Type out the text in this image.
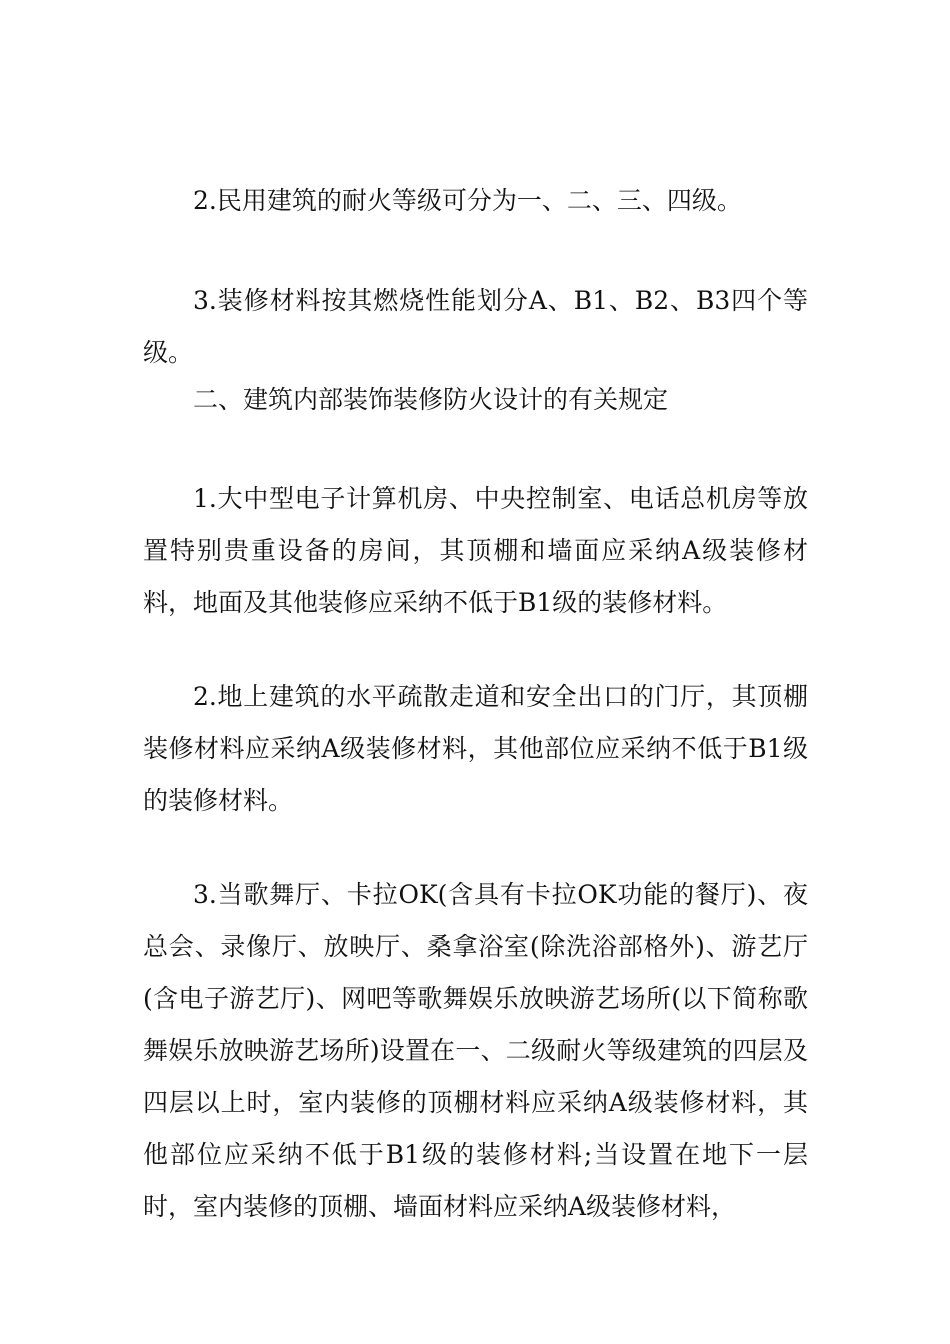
2.民用建筑的耐火等级可分为一、二、三、四级。

3.装修材料按其燃烧性能划分A、B1、B2、B3四个等级。

二、建筑内部装饰装修防火设计的有关规定

1.大中型电子计算机房、中央控制室、电话总机房等放置特别贵重设备的房间，其顶棚和墙面应采纳A级装修材料，地面及其他装修应采纳不低于B1级的装修材料。

2.地上建筑的水平疏散走道和安全出口的门厅，其顶棚装修材料应采纳A级装修材料，其他部位应采纳不低于B1级的装修材料。

3.当歌舞厅、卡拉OK(含具有卡拉OK功能的餐厅)、夜总会、录像厅、放映厅、桑拿浴室(除洗浴部格外)、游艺厅(含电子游艺厅)、网吧等歌舞娱乐放映游艺场所(以下简称歌舞娱乐放映游艺场所)设置在一、二级耐火等级建筑的四层及四层以上时，室内装修的顶棚材料应采纳A级装修材料，其他部位应采纳不低于B1级的装修材料;当设置在地下一层时，室内装修的顶棚、墙面材料应采纳A级装修材料，
